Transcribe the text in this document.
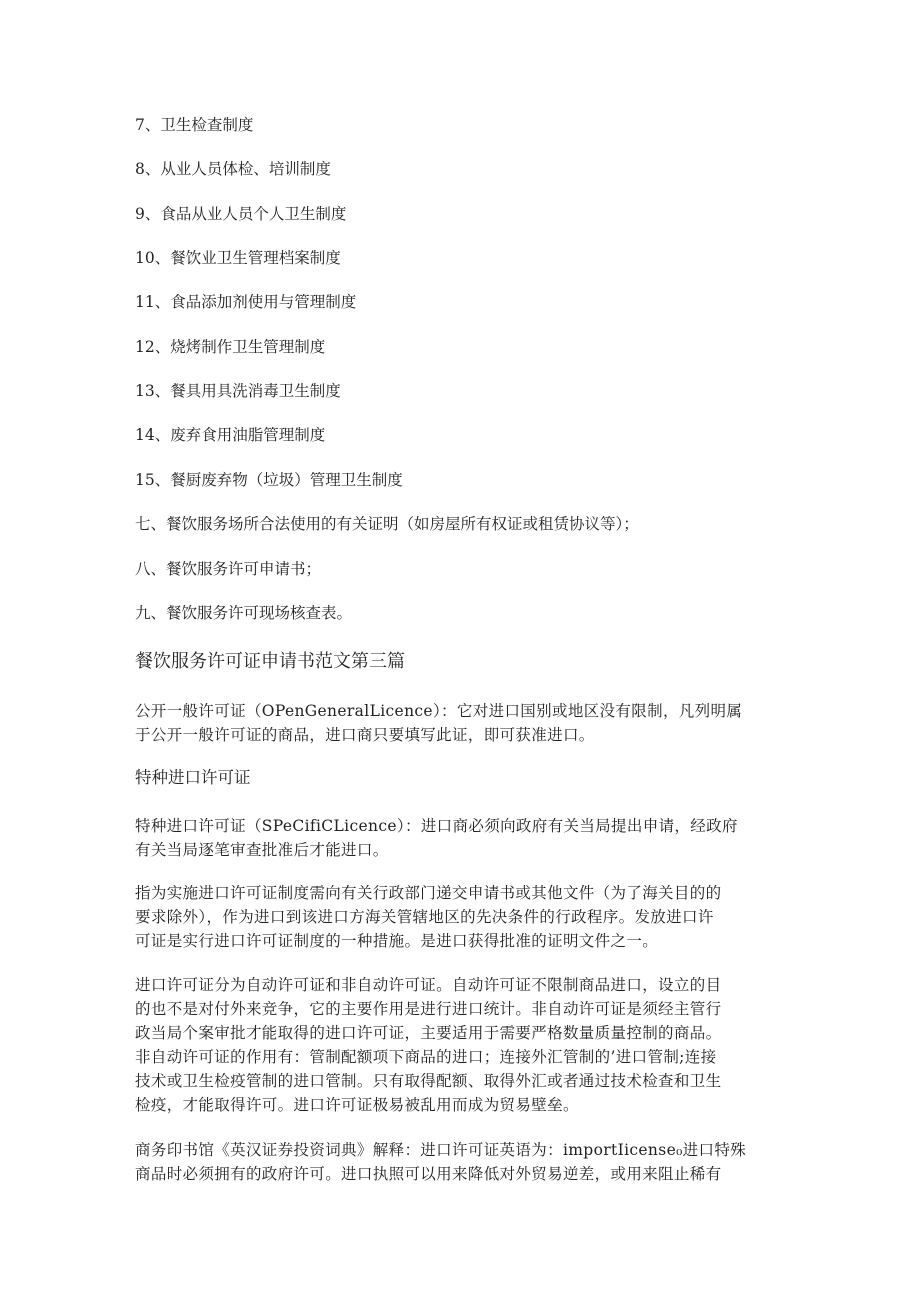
7、卫生检查制度
8、从业人员体检、培训制度
9、食品从业人员个人卫生制度
10、餐饮业卫生管理档案制度
11、食品添加剂使用与管理制度
12、烧烤制作卫生管理制度
13、餐具用具洗消毒卫生制度
14、废弃食用油脂管理制度
15、餐厨废弃物（垃圾）管理卫生制度
七、餐饮服务场所合法使用的有关证明（如房屋所有权证或租赁协议等）；
八、餐饮服务许可申请书；
九、餐饮服务许可现场核查表。
餐饮服务许可证申请书范文第三篇
公开一般许可证（OPenGeneralLicence）：它对进口国别或地区没有限制，凡列明属
于公开一般许可证的商品，进口商只要填写此证，即可获准进口。
特种进口许可证
特种进口许可证（SPeCifiCLicence）：进口商必须向政府有关当局提出申请，经政府
有关当局逐笔审查批准后才能进口。
指为实施进口许可证制度需向有关行政部门递交申请书或其他文件（为了海关目的的
要求除外），作为进口到该进口方海关管辖地区的先决条件的行政程序。发放进口许
可证是实行进口许可证制度的一种措施。是进口获得批准的证明文件之一。
进口许可证分为自动许可证和非自动许可证。自动许可证不限制商品进口，设立的目
的也不是对付外来竞争，它的主要作用是进行进口统计。非自动许可证是须经主管行
政当局个案审批才能取得的进口许可证，主要适用于需要严格数量质量控制的商品。
非自动许可证的作用有：管制配额项下商品的进口；连接外汇管制的’进口管制;连接
技术或卫生检疫管制的进口管制。只有取得配额、取得外汇或者通过技术检查和卫生
检疫，才能取得许可。进口许可证极易被乱用而成为贸易壁垒。
商务印书馆《英汉证券投资词典》解释：进口许可证英语为：importIicense₀进口特殊
商品时必须拥有的政府许可。进口执照可以用来降低对外贸易逆差，或用来阻止稀有
